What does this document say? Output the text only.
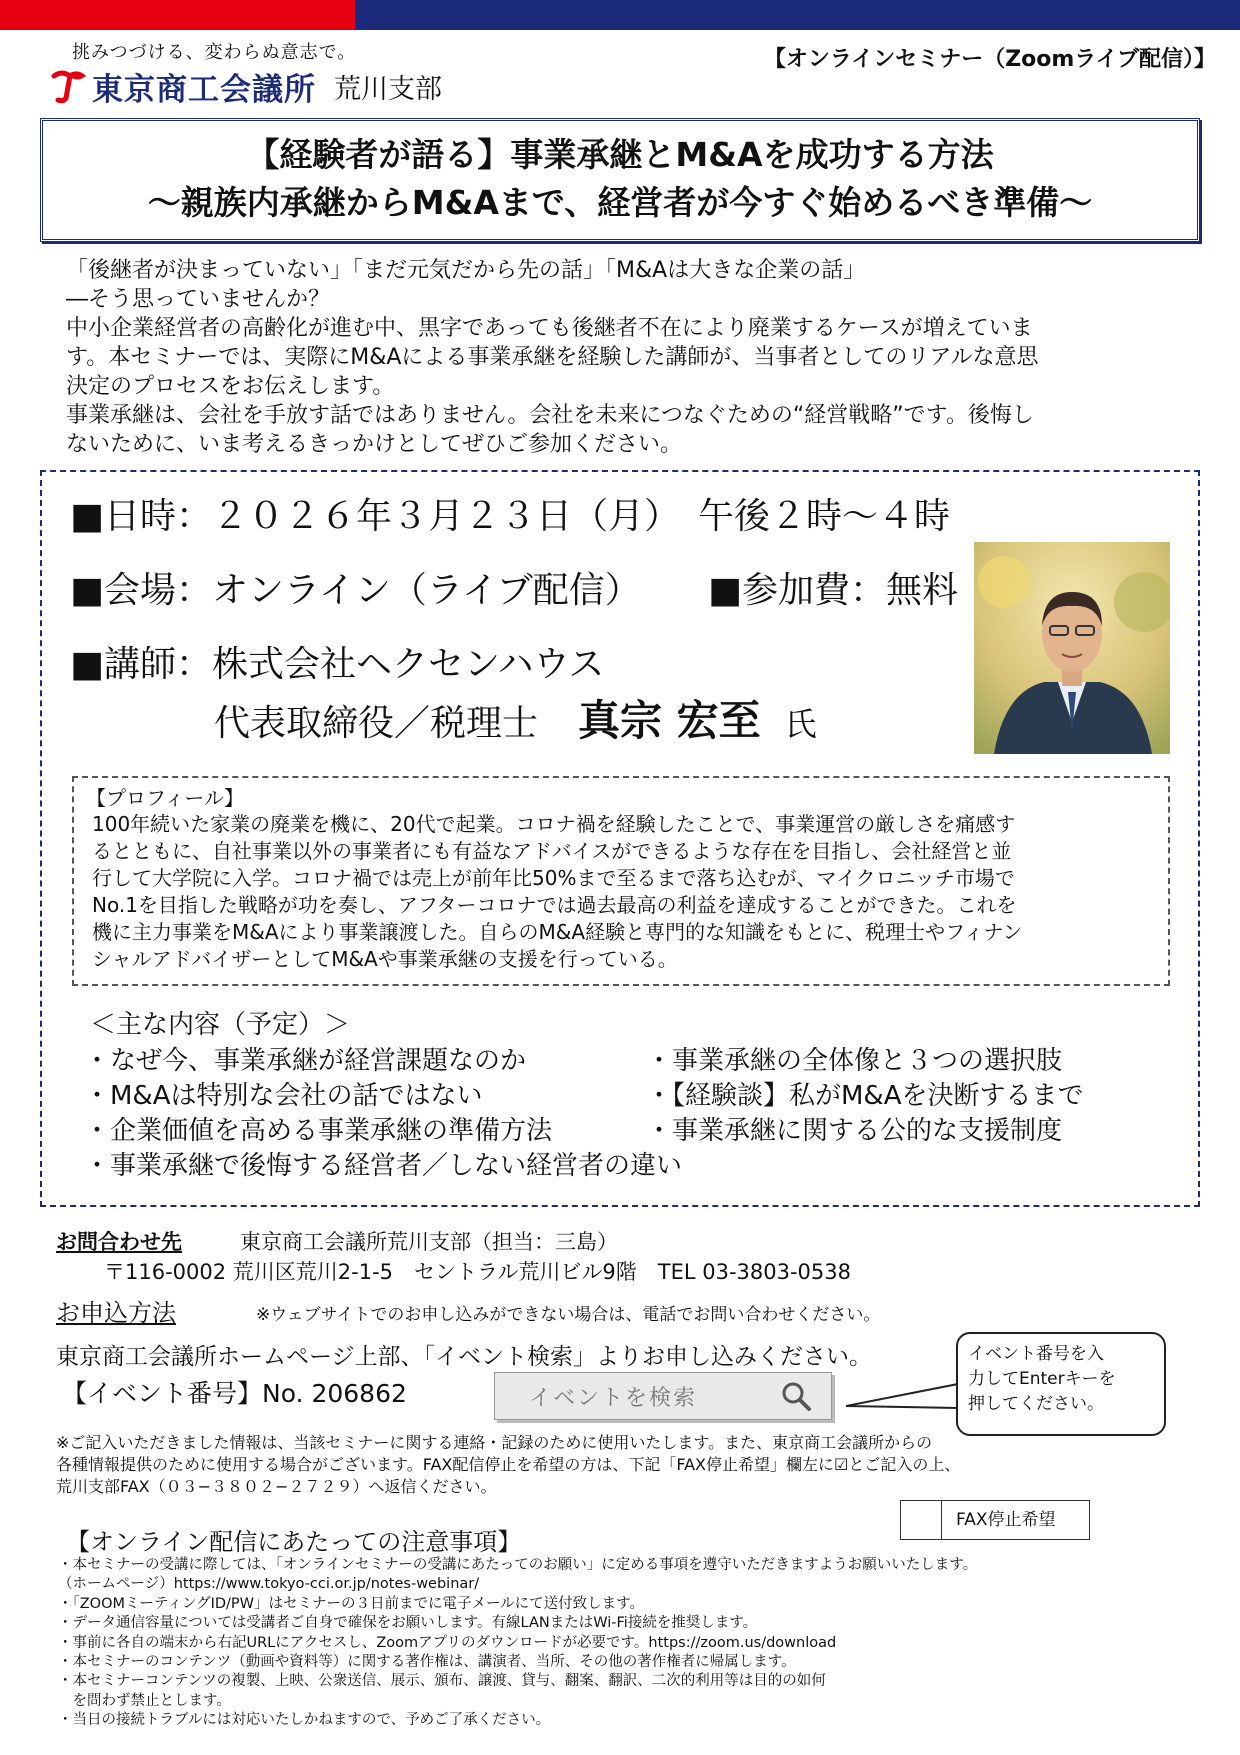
挑みつづける、変わらぬ意志で。
東京商工会議所 荒川支部
【オンラインセミナー（Zoomライブ配信）】
【経験者が語る】事業承継とM&Aを成功する方法
〜親族内承継からM&Aまで、経営者が今すぐ始めるべき準備〜

「後継者が決まっていない」「まだ元気だから先の話」「M&Aは大きな企業の話」

―そう思っていませんか？

中小企業経営者の高齢化が進む中、黒字であっても後継者不在により廃業するケースが増えていま

す。本セミナーでは、実際にM&Aによる事業承継を経験した講師が、当事者としてのリアルな意思

決定のプロセスをお伝えします。

事業承継は、会社を手放す話ではありません。会社を未来につなぐための“経営戦略”です。後悔し

ないために、いま考えるきっかけとしてぜひご参加ください。

■日時：２０２６年３月２３日（月）　午後２時〜４時
■会場：オンライン（ライブ配信） ■参加費：無料
■講師：株式会社ヘクセンハウス
代表取締役／税理士 真宗 宏至 氏
【プロフィール】
100年続いた家業の廃業を機に、20代で起業。コロナ禍を経験したことで、事業運営の厳しさを痛感す
るとともに、自社事業以外の事業者にも有益なアドバイスができるような存在を目指し、会社経営と並
行して大学院に入学。コロナ禍では売上が前年比50%まで至るまで落ち込むが、マイクロニッチ市場で
No.1を目指した戦略が功を奏し、アフターコロナでは過去最高の利益を達成することができた。これを
機に主力事業をM&Aにより事業譲渡した。自らのM&A経験と専門的な知識をもとに、税理士やフィナン
シャルアドバイザーとしてM&Aや事業承継の支援を行っている。
＜主な内容（予定）＞
・なぜ今、事業承継が経営課題なのか
・M&Aは特別な会社の話ではない
・企業価値を高める事業承継の準備方法
・事業承継で後悔する経営者／しない経営者の違い
・事業承継の全体像と３つの選択肢
・【経験談】私がM&Aを決断するまで
・事業承継に関する公的な支援制度
お問合わせ先	東京商工会議所荒川支部（担当：三島）
〒116-0002 荒川区荒川2-1-5　セントラル荒川ビル9階　TEL 03-3803-0538
お申込方法	※ウェブサイトでのお申し込みができない場合は、電話でお問い合わせください。
東京商工会議所ホームページ上部、「イベント検索」よりお申し込みください。
【イベント番号】No. 206862	イベントを検索
イベント番号を入
力してEnterキーを
押してください。
※ご記入いただきました情報は、当該セミナーに関する連絡・記録のために使用いたします。また、東京商工会議所からの
各種情報提供のために使用する場合がございます。FAX配信停止を希望の方は、下記「FAX停止希望」欄左に☑とご記入の上、
荒川支部FAX（０３−３８０２−２７２９）へ返信ください。
FAX停止希望
【オンライン配信にあたっての注意事項】
・本セミナーの受講に際しては、「オンラインセミナーの受講にあたってのお願い」に定める事項を遵守いただきますようお願いいたします。
（ホームページ）https://www.tokyo-cci.or.jp/notes-webinar/
・「ZOOMミーティングID/PW」はセミナーの３日前までに電子メールにて送付致します。
・データ通信容量については受講者ご自身で確保をお願いします。有線LANまたはWi-Fi接続を推奨します。
・事前に各自の端末から右記URLにアクセスし、Zoomアプリのダウンロードが必要です。https://zoom.us/download
・本セミナーのコンテンツ（動画や資料等）に関する著作権は、講演者、当所、その他の著作権者に帰属します。
・本セミナーコンテンツの複製、上映、公衆送信、展示、頒布、譲渡、貸与、翻案、翻訳、二次的利用等は目的の如何
　を問わず禁止とします。
・当日の接続トラブルには対応いたしかねますので、予めご了承ください。
